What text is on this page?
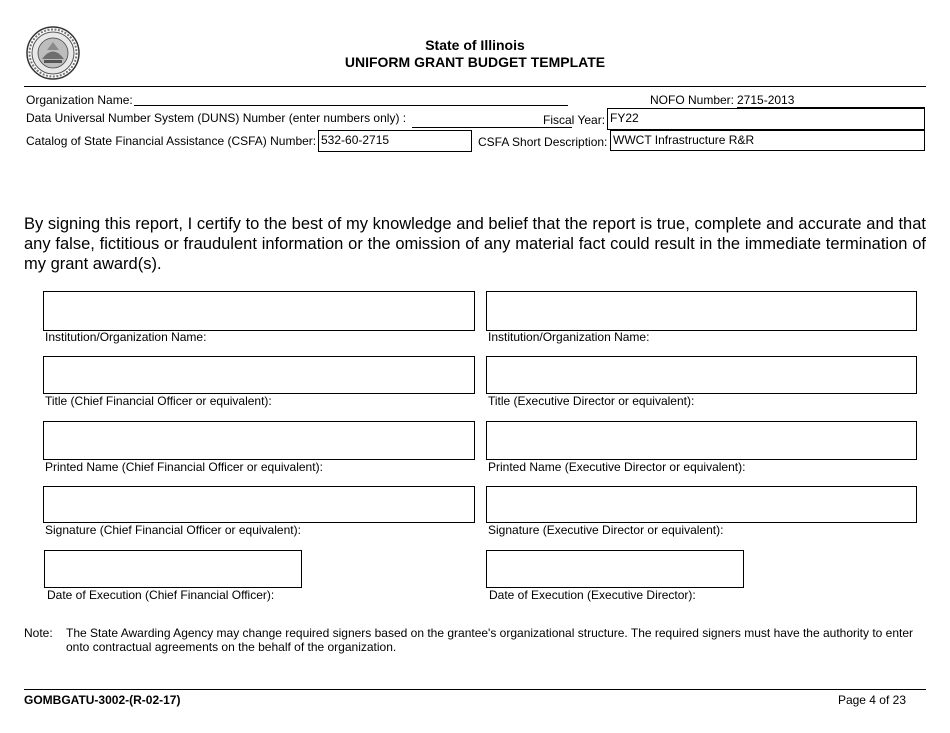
State of Illinois
UNIFORM GRANT BUDGET TEMPLATE
Organization Name:	NOFO Number: 2715-2013
Data Universal Number System (DUNS) Number (enter numbers only) :	Fiscal Year: FY22
Catalog of State Financial Assistance (CSFA) Number: 532-60-2715	CSFA Short Description: WWCT Infrastructure R&R
By signing this report, I certify to the best of my knowledge and belief that the report is true, complete and accurate and that any false, fictitious or fraudulent information or the omission of any material fact could result in the immediate termination of my grant award(s).
Institution/Organization Name:
Title (Chief Financial Officer or equivalent):
Printed Name (Chief Financial Officer or equivalent):
Signature (Chief Financial Officer or equivalent):
Date of Execution (Chief Financial Officer):
Institution/Organization Name:
Title (Executive Director or equivalent):
Printed Name (Executive Director or equivalent):
Signature (Executive Director or equivalent):
Date of Execution (Executive Director):
Note: The State Awarding Agency may change required signers based on the grantee's organizational structure. The required signers must have the authority to enter onto contractual agreements on the behalf of the organization.
GOMBGATU-3002-(R-02-17)	Page 4 of 23
